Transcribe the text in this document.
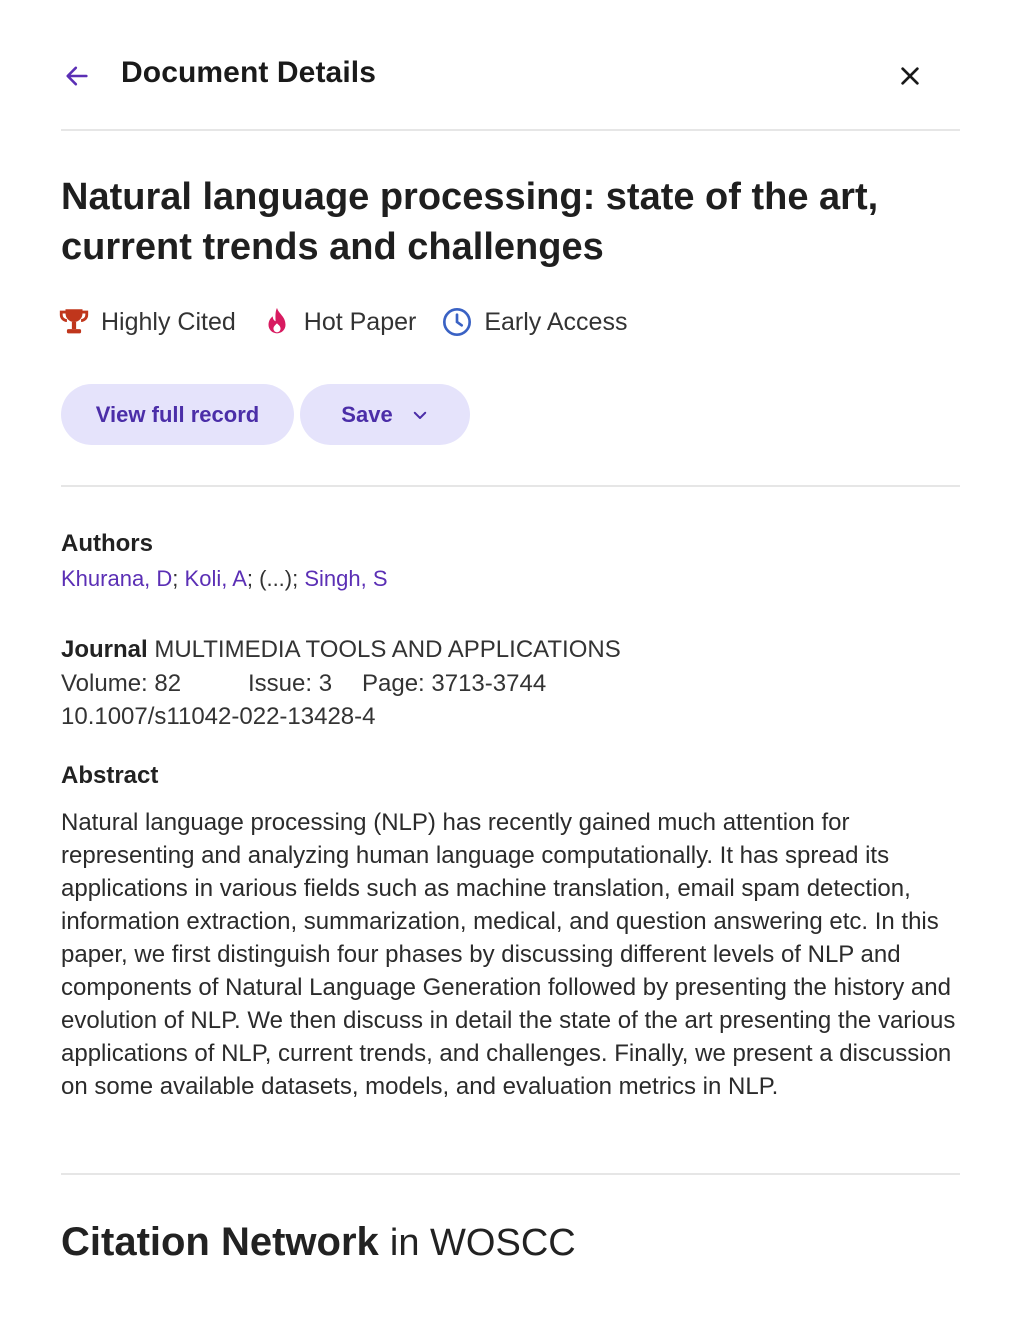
Document Details
Natural language processing: state of the art, current trends and challenges
Highly Cited	Hot Paper	Early Access
View full record	Save
Authors
Khurana, D; Koli, A; (...); Singh, S
Journal MULTIMEDIA TOOLS AND APPLICATIONS
Volume: 82	Issue: 3 Page: 3713-3744
10.1007/s11042-022-13428-4
Abstract

Natural language processing (NLP) has recently gained much attention for representing and analyzing human language computationally. It has spread its applications in various fields such as machine translation, email spam detection, information extraction, summarization, medical, and question answering etc. In this paper, we first distinguish four phases by discussing different levels of NLP and components of Natural Language Generation followed by presenting the history and evolution of NLP. We then discuss in detail the state of the art presenting the various applications of NLP, current trends, and challenges. Finally, we present a discussion on some available datasets, models, and evaluation metrics in NLP.

Citation Network in WOSCC
